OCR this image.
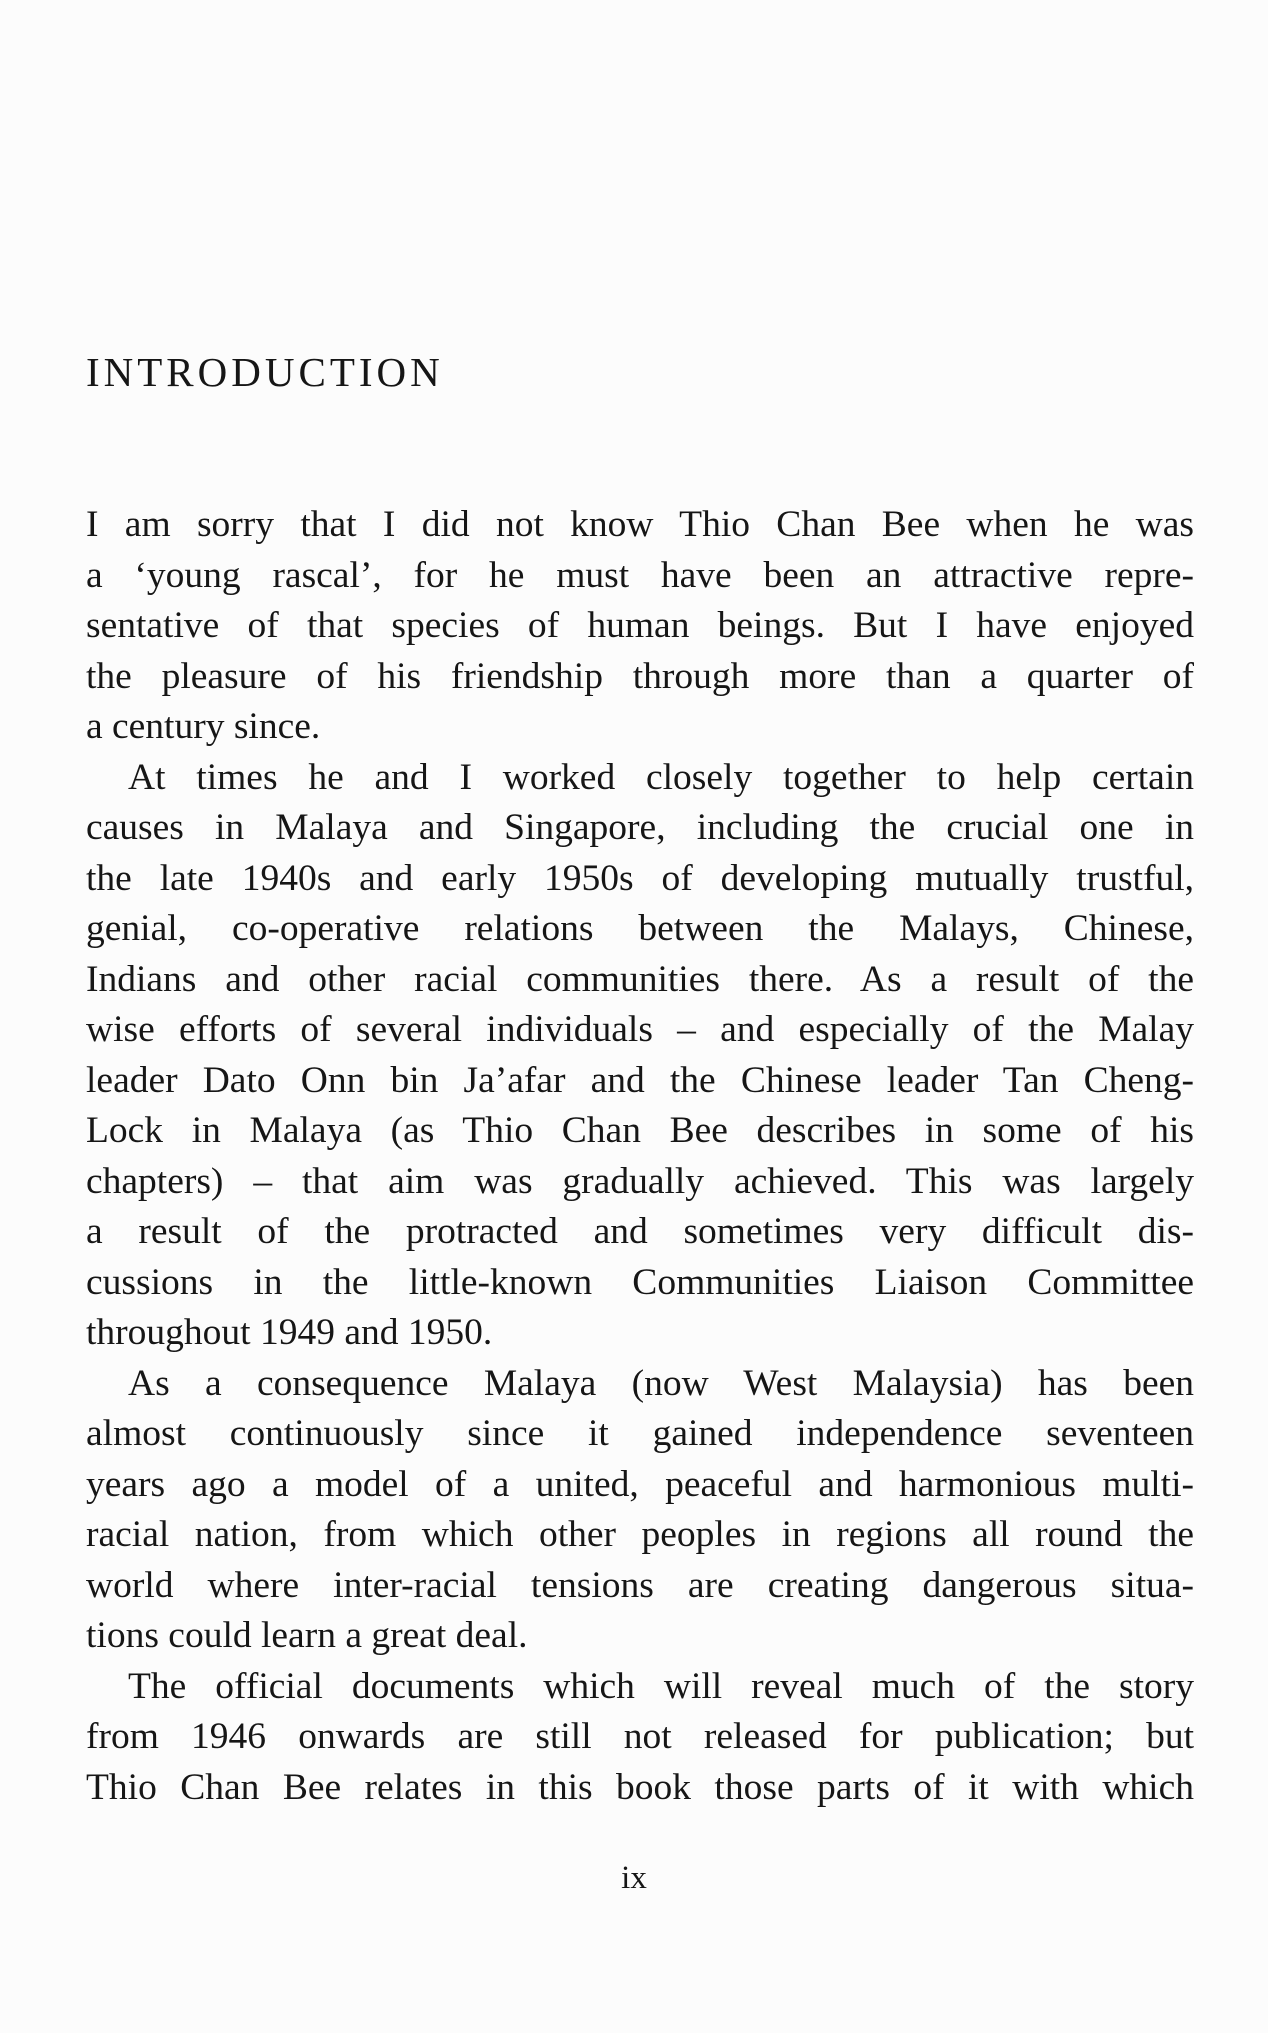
INTRODUCTION
I am sorry that I did not know Thio Chan Bee when he was
a ‘young rascal’, for he must have been an attractive repre-
sentative of that species of human beings. But I have enjoyed
the pleasure of his friendship through more than a quarter of
a century since.
At times he and I worked closely together to help certain
causes in Malaya and Singapore, including the crucial one in
the late 1940s and early 1950s of developing mutually trustful,
genial, co-operative relations between the Malays, Chinese,
Indians and other racial communities there. As a result of the
wise efforts of several individuals – and especially of the Malay
leader Dato Onn bin Ja’afar and the Chinese leader Tan Cheng-
Lock in Malaya (as Thio Chan Bee describes in some of his
chapters) – that aim was gradually achieved. This was largely
a result of the protracted and sometimes very difficult dis-
cussions in the little-known Communities Liaison Committee
throughout 1949 and 1950.
As a consequence Malaya (now West Malaysia) has been
almost continuously since it gained independence seventeen
years ago a model of a united, peaceful and harmonious multi-
racial nation, from which other peoples in regions all round the
world where inter-racial tensions are creating dangerous situa-
tions could learn a great deal.
The official documents which will reveal much of the story
from 1946 onwards are still not released for publication; but
Thio Chan Bee relates in this book those parts of it with which
ix
